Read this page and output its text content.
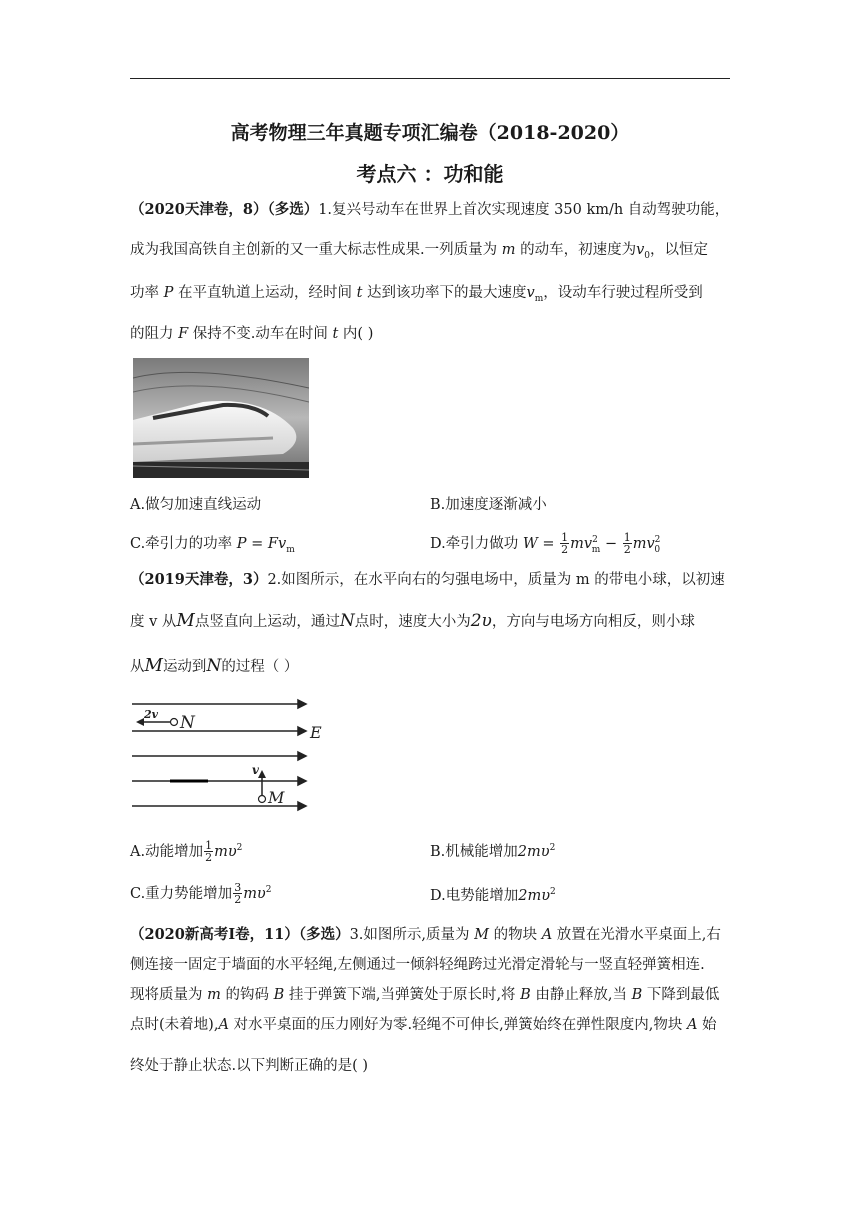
高考物理三年真题专项汇编卷（2018-2020）
考点六 ：功和能
（2020天津卷，8）（多选）1.复兴号动车在世界上首次实现速度 350 km/h 自动驾驶功能，
成为我国高铁自主创新的又一重大标志性成果.一列质量为 m 的动车，初速度为$v_0$，以恒定
功率 P 在平直轨道上运动，经时间 t 达到该功率下的最大速度$v_m$，设动车行驶过程所受到
的阻力 F 保持不变.动车在时间 t 内( )
A.做匀加速直线运动	B.加速度逐渐减小
C.牵引力的功率 $P = Fv_m$	D.牵引力做功 $W = \frac{1}{2} mv^2_m - \frac{1}{2} mv^2_0$
（2019天津卷，3）2.如图所示，在水平向右的匀强电场中，质量为 m 的带电小球，以初速
度 v 从M点竖直向上运动，通过N点时，速度大小为2υ，方向与电场方向相反，则小球
从M运动到N的过程（ ）
2v N	E
v
M
A.动能增加 $\frac{1}{2} m\upsilon^2$	B.机械能增加$2m\upsilon^2$
C.重力势能增加 $\frac{3}{2} m\upsilon^2$	D.电势能增加$2m\upsilon^2$
（2020新高考Ⅰ卷，11）（多选）3.如图所示,质量为 M 的物块 A 放置在光滑水平桌面上,右
侧连接一固定于墙面的水平轻绳,左侧通过一倾斜轻绳跨过光滑定滑轮与一竖直轻弹簧相连.
现将质量为 m 的钩码 B 挂于弹簧下端,当弹簧处于原长时,将 B 由静止释放,当 B 下降到最低
点时(未着地),A 对水平桌面的压力刚好为零.轻绳不可伸长,弹簧始终在弹性限度内,物块 A 始
终处于静止状态.以下判断正确的是( )
